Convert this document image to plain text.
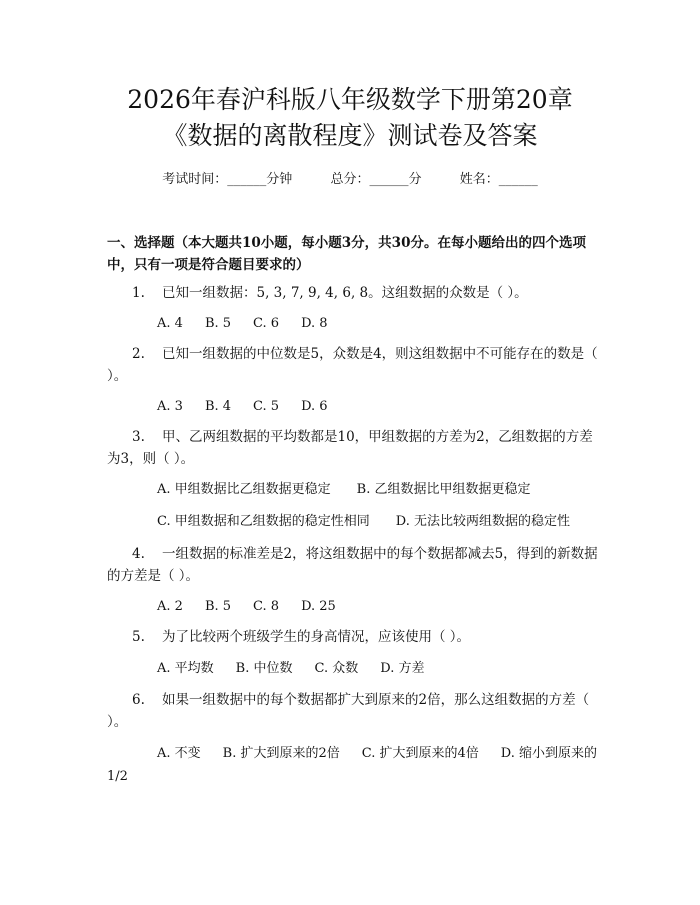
2026年春沪科版八年级数学下册第20章
《数据的离散程度》测试卷及答案
考试时间：______分钟	总分：______分	姓名：______
一、选择题（本大题共10小题，每小题3分，共30分。在每小题给出的四个选项中，只有一项是符合题目要求的）
1. 已知一组数据：5, 3, 7, 9, 4, 6, 8。这组数据的众数是（ ）。
A. 4 B. 5 C. 6 D. 8
2. 已知一组数据的中位数是5，众数是4，则这组数据中不可能存在的数是（ ）。
A. 3 B. 4 C. 5 D. 6
3. 甲、乙两组数据的平均数都是10，甲组数据的方差为2，乙组数据的方差为3，则（ ）。
A. 甲组数据比乙组数据更稳定 B. 乙组数据比甲组数据更稳定
C. 甲组数据和乙组数据的稳定性相同 D. 无法比较两组数据的稳定性
4. 一组数据的标准差是2，将这组数据中的每个数据都减去5，得到的新数据的方差是（ ）。
A. 2 B. 5 C. 8 D. 25
5. 为了比较两个班级学生的身高情况，应该使用（ ）。
A. 平均数 B. 中位数 C. 众数 D. 方差
6. 如果一组数据中的每个数据都扩大到原来的2倍，那么这组数据的方差（ ）。
A. 不变 B. 扩大到原来的2倍 C. 扩大到原来的4倍 D. 缩小到原来的1/2
